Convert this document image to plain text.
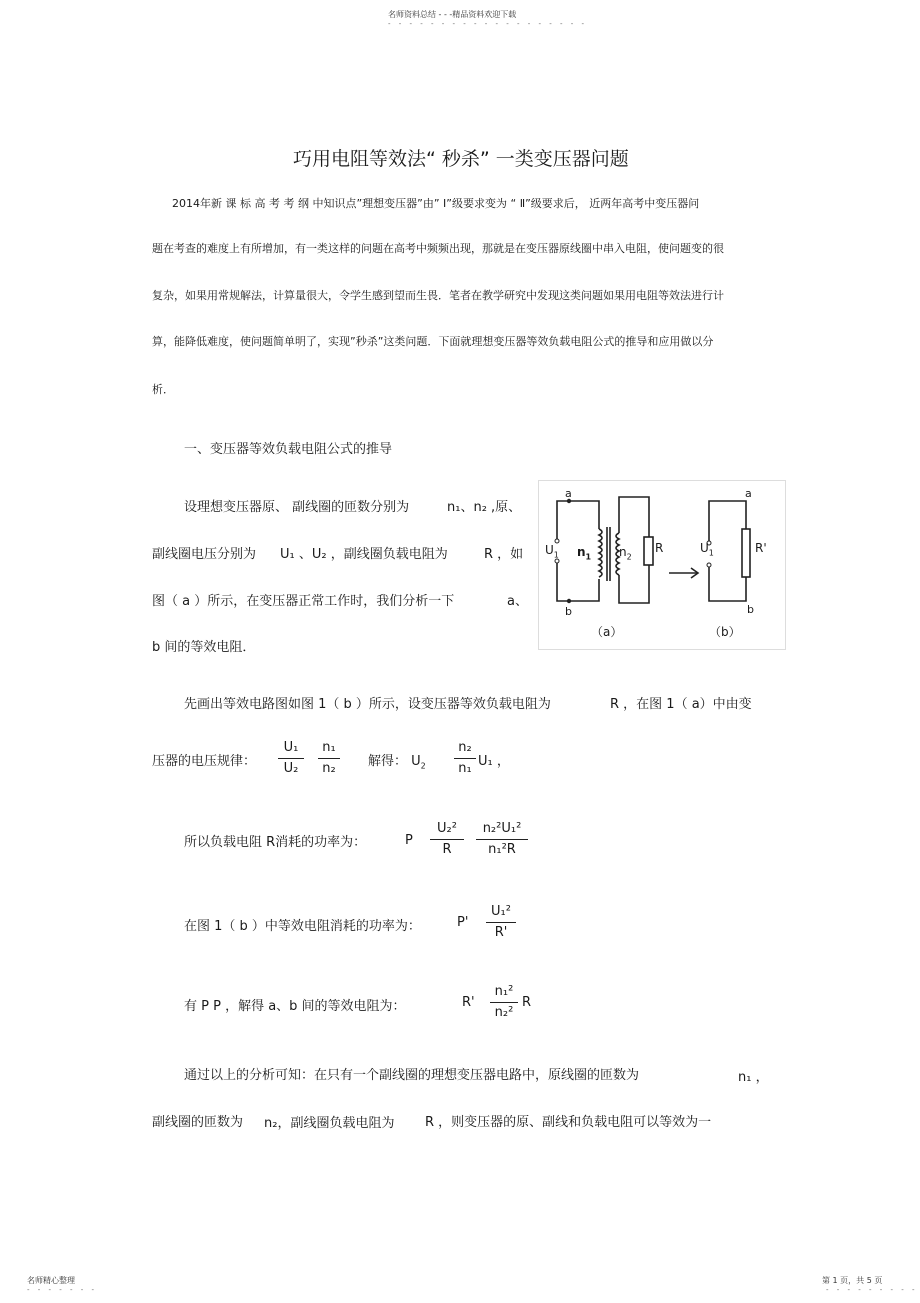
名师资料总结 - - -精品资料欢迎下载
- - - - - - - - - - - - - - - - - - -
巧用电阻等效法“ 秒杀” 一类变压器问题
2014年新 课 标 高 考 考 纲 中知识点”理想变压器”由” Ⅰ”级要求变为 “ Ⅱ”级要求后， 近两年高考中变压器问
题在考查的难度上有所增加，有一类这样的问题在高考中频频出现，那就是在变压器原线圈中串入电阻，使问题变的很
复杂，如果用常规解法，计算量很大，令学生感到望而生畏．笔者在教学研究中发现这类问题如果用电阻等效法进行计
算，能降低难度，使问题简单明了，实现”秒杀”这类问题．下面就理想变压器等效负载电阻公式的推导和应用做以分
析．
一、变压器等效负载电阻公式的推导
设理想变压器原、 副线圈的匝数分别为	n₁、n₂ ,原、
副线圈电压分别为 U₁ 、U₂ ，副线圈负载电阻为	R ，如
图（ a ）所示，在变压器正常工作时，我们分析一下	a、
b 间的等效电阻．
a
b
$U_1$ $n_1$ $n_2$
R
a
b
$U_1$	R'
（a）	（b）
先画出等效电路图如图 1（ b ）所示，设变压器等效负载电阻为	R ，在图 1（ a）中由变
压器的电压规律：
U₁
U₂
n₁
n₂	解得： $U_2$
n₂
n₁ U₁ ，
所以负载电阻 R消耗的功率为：	P
U₂²
R
n₂²U₁²
n₁²R
在图 1（ b ）中等效电阻消耗的功率为：	P'
U₁²
R'
有 P P ，解得 a、b 间的等效电阻为：	R'
n₁²
n₂²
R
通过以上的分析可知：在只有一个副线圈的理想变压器电路中，原线圈的匝数为	n₁ ，
副线圈的匝数为 n₂，副线圈负载电阻为 R ，则变压器的原、副线和负载电阻可以等效为一
名师精心整理
- - - - - - -
第 1 页，共 5 页
- - - - - - - - -
